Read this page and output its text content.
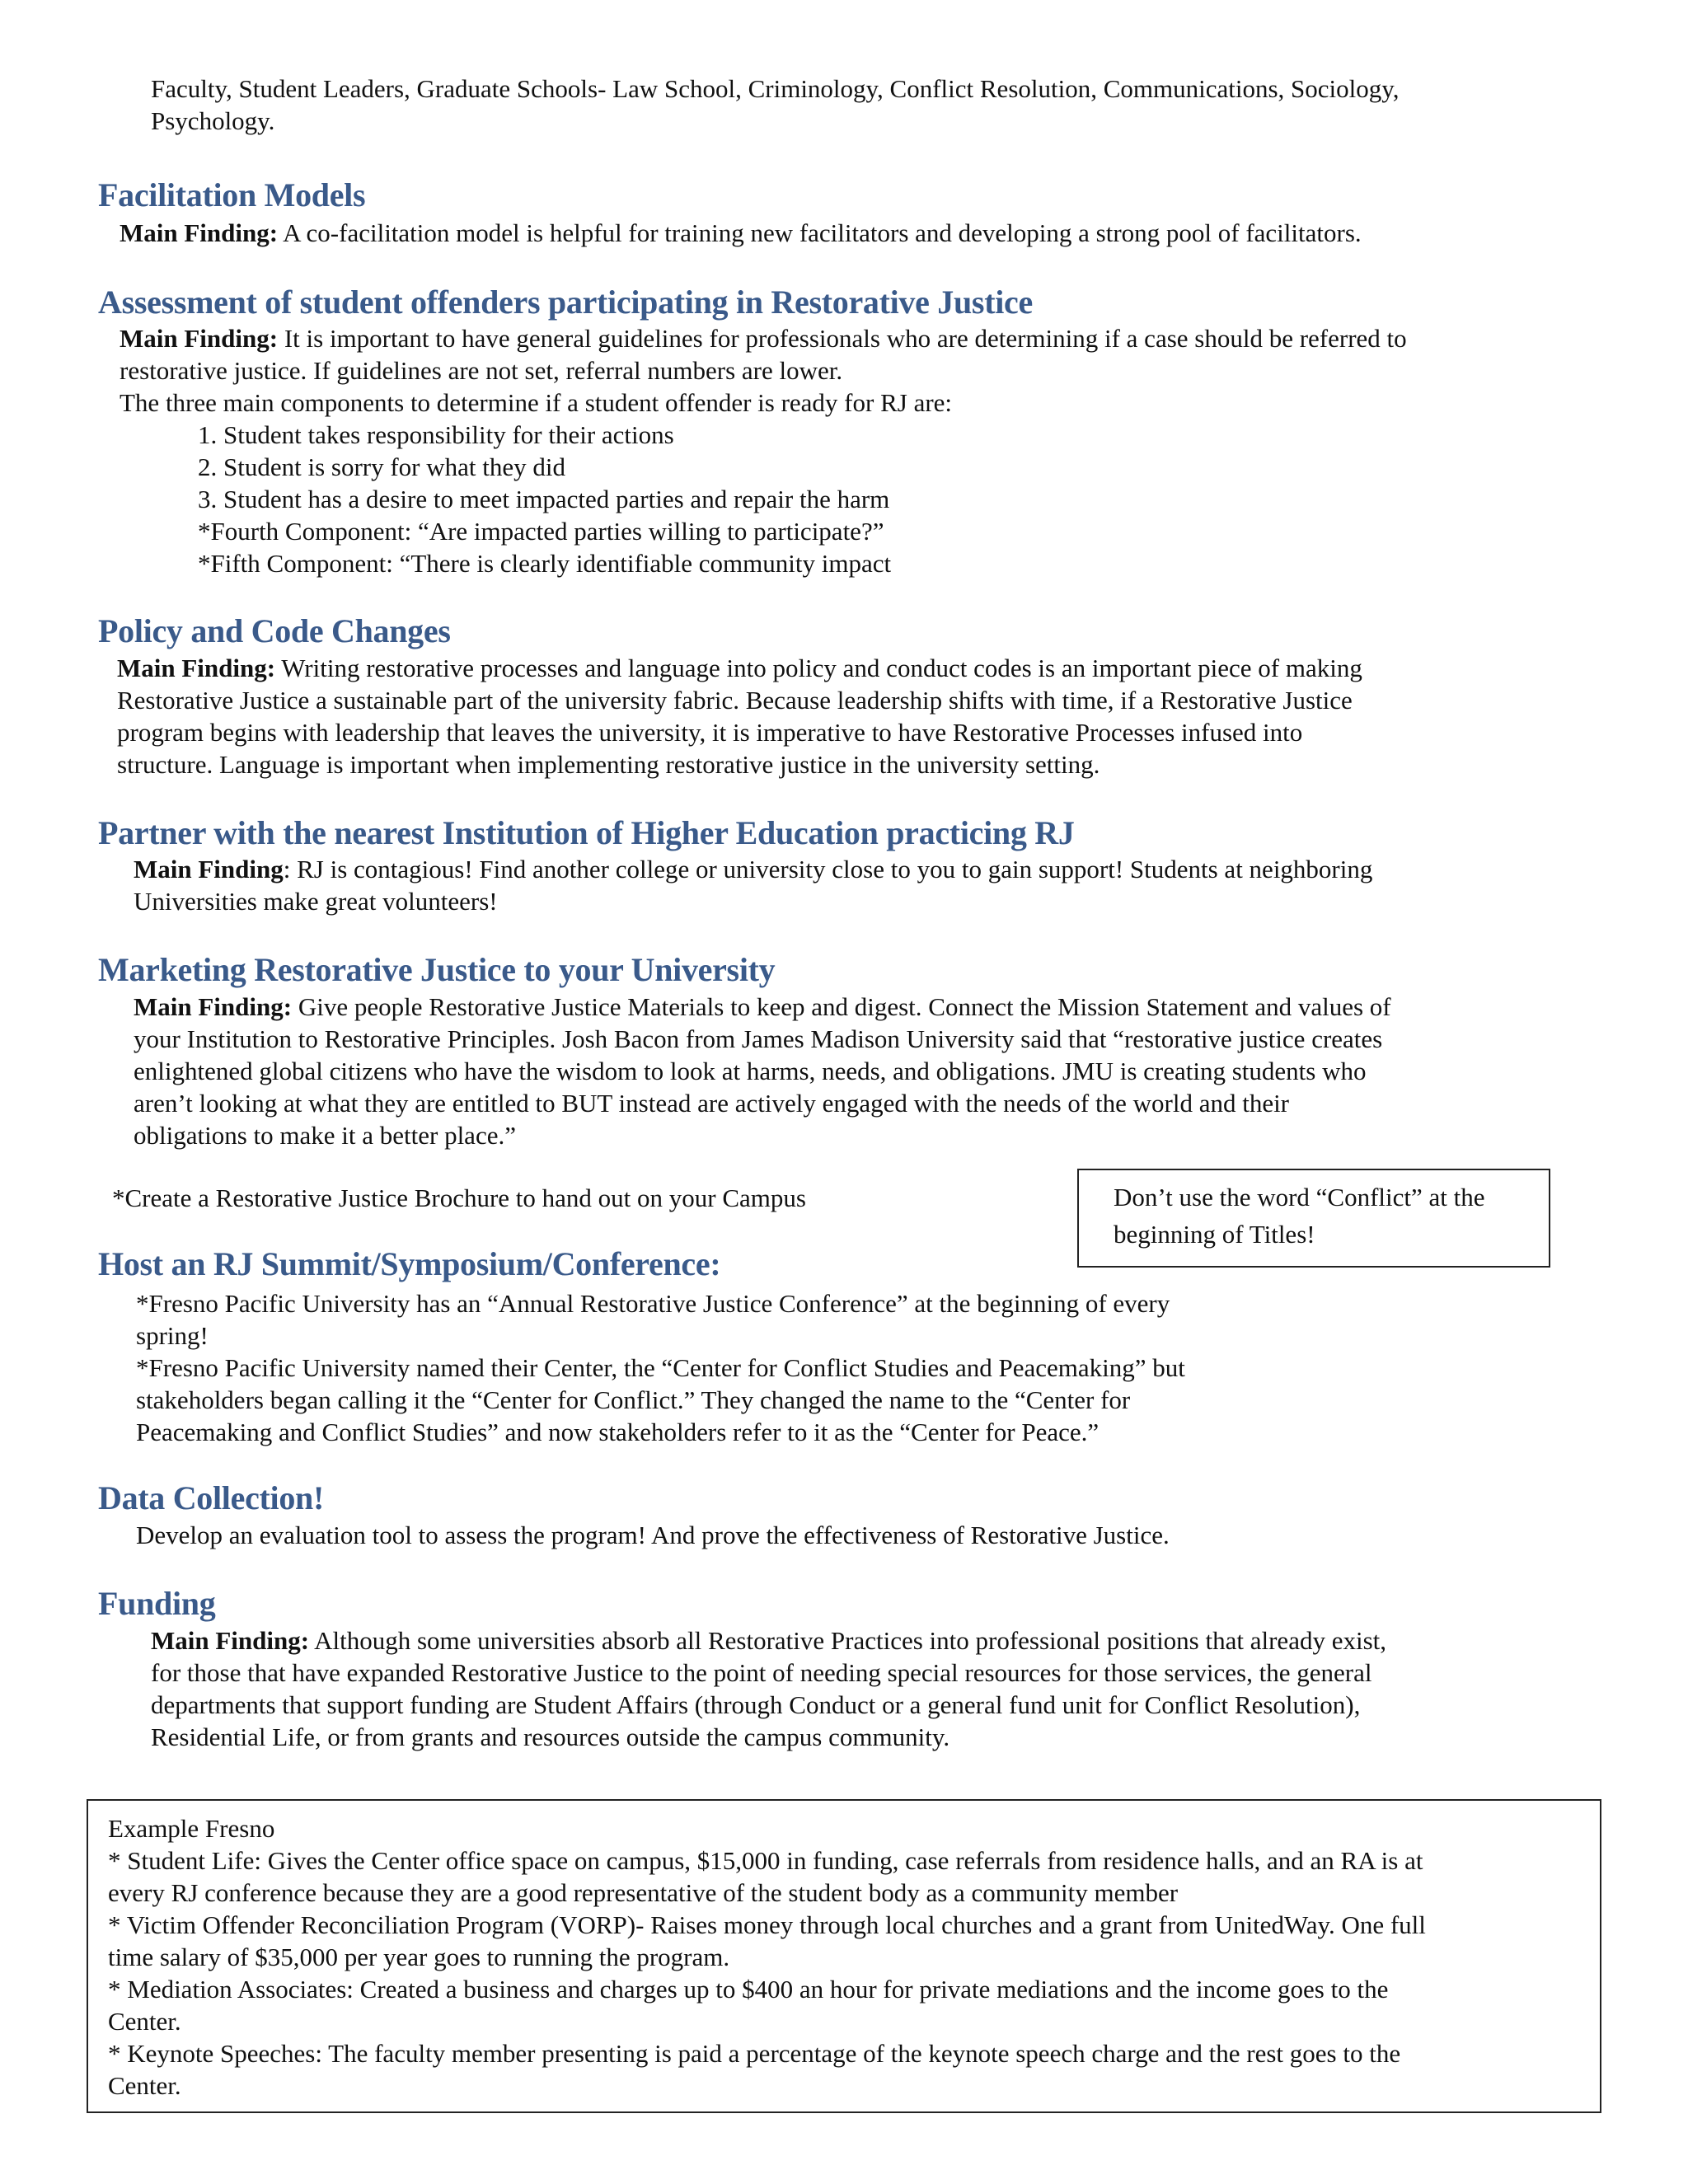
Faculty, Student Leaders, Graduate Schools- Law School, Criminology, Conflict Resolution, Communications, Sociology,

Psychology.

Facilitation Models

Main Finding: A co-facilitation model is helpful for training new facilitators and developing a strong pool of facilitators.

Assessment of student offenders participating in Restorative Justice

Main Finding: It is important to have general guidelines for professionals who are determining if a case should be referred to

restorative justice. If guidelines are not set, referral numbers are lower.

The three main components to determine if a student offender is ready for RJ are:

1. Student takes responsibility for their actions

2. Student is sorry for what they did

3. Student has a desire to meet impacted parties and repair the harm

*Fourth Component: “Are impacted parties willing to participate?”

*Fifth Component: “There is clearly identifiable community impact

Policy and Code Changes

Main Finding: Writing restorative processes and language into policy and conduct codes is an important piece of making

Restorative Justice a sustainable part of the university fabric. Because leadership shifts with time, if a Restorative Justice

program begins with leadership that leaves the university, it is imperative to have Restorative Processes infused into

structure. Language is important when implementing restorative justice in the university setting.

Partner with the nearest Institution of Higher Education practicing RJ

Main Finding: RJ is contagious! Find another college or university close to you to gain support! Students at neighboring

Universities make great volunteers!

Marketing Restorative Justice to your University

Main Finding: Give people Restorative Justice Materials to keep and digest. Connect the Mission Statement and values of

your Institution to Restorative Principles. Josh Bacon from James Madison University said that “restorative justice creates

enlightened global citizens who have the wisdom to look at harms, needs, and obligations. JMU is creating students who

aren’t looking at what they are entitled to BUT instead are actively engaged with the needs of the world and their

obligations to make it a better place.”

*Create a Restorative Justice Brochure to hand out on your Campus	Don’t use the word “Conflict” at the

beginning of Titles!

Host an RJ Summit/Symposium/Conference:

*Fresno Pacific University has an “Annual Restorative Justice Conference” at the beginning of every

spring!

*Fresno Pacific University named their Center, the “Center for Conflict Studies and Peacemaking” but

stakeholders began calling it the “Center for Conflict.” They changed the name to the “Center for

Peacemaking and Conflict Studies” and now stakeholders refer to it as the “Center for Peace.”

Data Collection!

Develop an evaluation tool to assess the program! And prove the effectiveness of Restorative Justice.

Funding

Main Finding: Although some universities absorb all Restorative Practices into professional positions that already exist,

for those that have expanded Restorative Justice to the point of needing special resources for those services, the general

departments that support funding are Student Affairs (through Conduct or a general fund unit for Conflict Resolution),

Residential Life, or from grants and resources outside the campus community.

Example Fresno

* Student Life: Gives the Center office space on campus, $15,000 in funding, case referrals from residence halls, and an RA is at

every RJ conference because they are a good representative of the student body as a community member

* Victim Offender Reconciliation Program (VORP)- Raises money through local churches and a grant from UnitedWay. One full

time salary of $35,000 per year goes to running the program.

* Mediation Associates: Created a business and charges up to $400 an hour for private mediations and the income goes to the

Center.

* Keynote Speeches: The faculty member presenting is paid a percentage of the keynote speech charge and the rest goes to the

Center.
